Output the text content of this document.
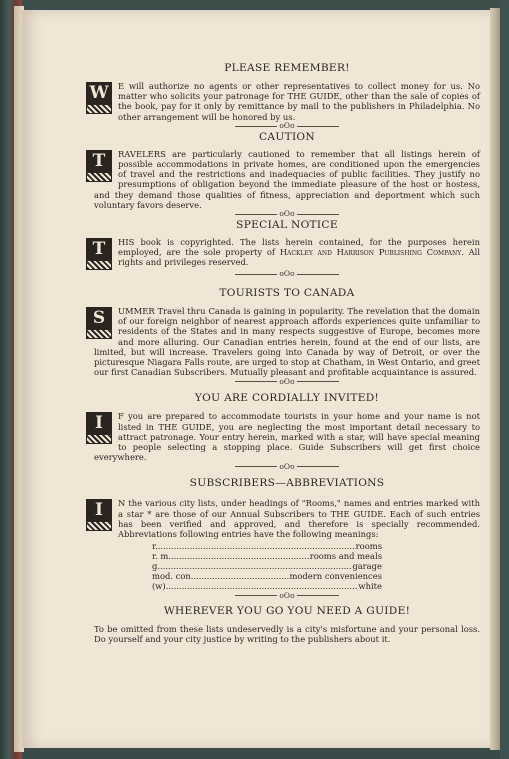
PLEASE REMEMBER!
W	E will authorize no agents or other representatives to collect money for us. No matter who solicits your patronage for THE GUIDE, other than the sale of copies of the book, pay for it only by remittance by mail to the publishers in Philadelphia. No other arrangement will be honored by us.

oOo
CAUTION
T	RAVELERS are particularly cautioned to remember that all listings herein of possible accommodations in private homes, are conditioned upon the emergencies of travel and the restrictions and inadequacies of public facilities. They justify no presumptions of obligation beyond the immediate pleasure of the host or hostess, and they demand those qualities of fitness, appreciation and deportment which such voluntary favors deserve.

oOo
SPECIAL NOTICE
T	HIS book is copyrighted. The lists herein contained, for the purposes herein employed, are the sole property of Hackley and Harrison Publishing Company. All rights and privileges reserved.

oOo
TOURISTS TO CANADA
S	UMMER Travel thru Canada is gaining in popularity. The revelation that the domain of our foreign neighbor of nearest approach affords experiences quite unfamiliar to residents of the States and in many respects suggestive of Europe, becomes more and more alluring. Our Canadian entries herein, found at the end of our lists, are limited, but will increase. Travelers going into Canada by way of Detroit, or over the picturesque Niagara Falls route, are urged to stop at Chatham, in West Ontario, and greet our first Canadian Subscribers. Mutually pleasant and profitable acquaintance is assured.

oOo
YOU ARE CORDIALLY INVITED!
I	F you are prepared to accommodate tourists in your home and your name is not listed in THE GUIDE, you are neglecting the most important detail necessary to attract patronage. Your entry herein, marked with a star, will have special meaning to people selecting a stopping place. Guide Subscribers will get first choice everywhere.

oOo
SUBSCRIBERS—ABBREVIATIONS
I	N the various city lists, under headings of "Rooms," names and entries marked with a star * are those of our Annual Subscribers to THE GUIDE. Each of such entries has been verified and approved, and therefore is specially recommended. Abbreviations following entries have the following meanings:

r. .....	rooms
r. m. .....	rooms and meals
g. .....	garage
mod. con. .....	modern conveniences
(w) .....	white
oOo
WHEREVER YOU GO YOU NEED A GUIDE!

To be omitted from these lists undeservedly is a city's misfortune and your personal loss. Do yourself and your city justice by writing to the publishers about it.
